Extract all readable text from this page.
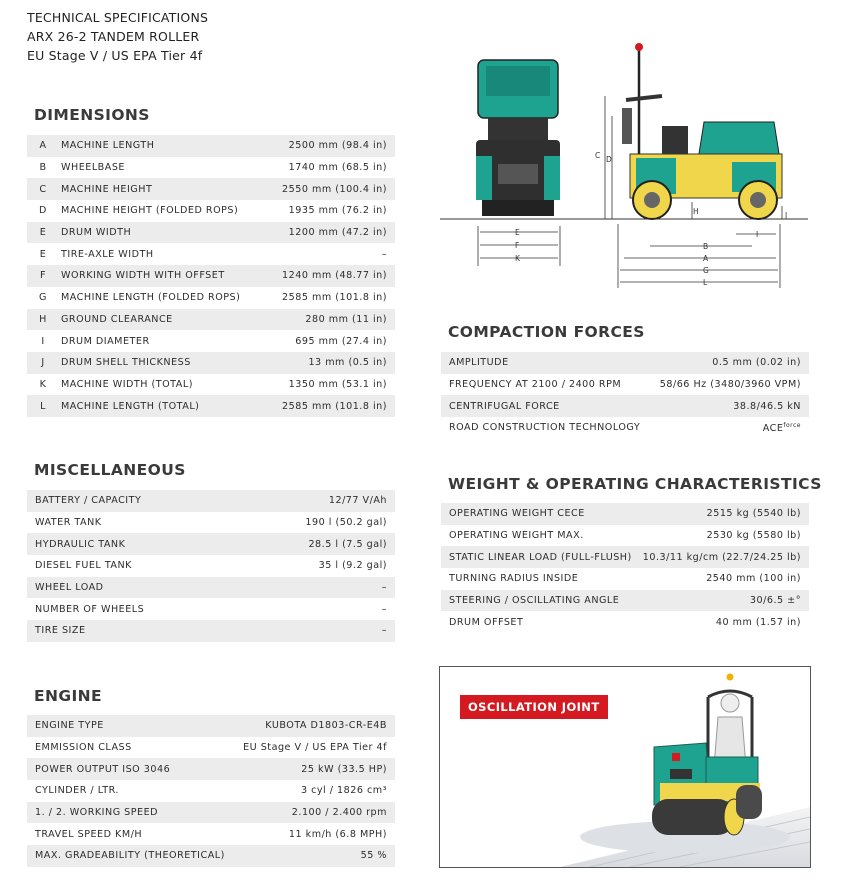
TECHNICAL SPECIFICATIONS
ARX 26-2 TANDEM ROLLER
EU Stage V / US EPA Tier 4f
DIMENSIONS
A	MACHINE LENGTH	2500 mm (98.4 in)
B	WHEELBASE	1740 mm (68.5 in)
C	MACHINE HEIGHT	2550 mm (100.4 in)
D	MACHINE HEIGHT (FOLDED ROPS)	1935 mm (76.2 in)
E	DRUM WIDTH	1200 mm (47.2 in)
E	TIRE-AXLE WIDTH	–
F	WORKING WIDTH WITH OFFSET	1240 mm (48.77 in)
G	MACHINE LENGTH (FOLDED ROPS)	2585 mm (101.8 in)
H	GROUND CLEARANCE	280 mm (11 in)
I	DRUM DIAMETER	695 mm (27.4 in)
J	DRUM SHELL THICKNESS	13 mm (0.5 in)
K	MACHINE WIDTH (TOTAL)	1350 mm (53.1 in)
L	MACHINE LENGTH (TOTAL)	2585 mm (101.8 in)
MISCELLANEOUS
BATTERY / CAPACITY	12/77 V/Ah
WATER TANK	190 l (50.2 gal)
HYDRAULIC TANK	28.5 l (7.5 gal)
DIESEL FUEL TANK	35 l (9.2 gal)
WHEEL LOAD	–
NUMBER OF WHEELS	–
TIRE SIZE	–
ENGINE
ENGINE TYPE	KUBOTA D1803-CR-E4B
EMMISSION CLASS	EU Stage V / US EPA Tier 4f
POWER OUTPUT ISO 3046	25 kW (33.5 HP)
CYLINDER / LTR.	3 cyl / 1826 cm³
1. / 2. WORKING SPEED	2.100 / 2.400 rpm
TRAVEL SPEED KM/H	11 km/h (6.8 MPH)
MAX. GRADEABILITY (THEORETICAL)	55 %
C D
H	J
E
F
K
B
I
A
G
L
COMPACTION FORCES
AMPLITUDE	0.5 mm (0.02 in)
FREQUENCY AT 2100 / 2400 RPM	58/66 Hz (3480/3960 VPM)
CENTRIFUGAL FORCE	38.8/46.5 kN
ROAD CONSTRUCTION TECHNOLOGY	$ACE^{force}$
WEIGHT & OPERATING CHARACTERISTICS
OPERATING WEIGHT CECE	2515 kg (5540 lb)
OPERATING WEIGHT MAX.	2530 kg (5580 lb)
STATIC LINEAR LOAD (FULL-FLUSH)	10.3/11 kg/cm (22.7/24.25 lb)
TURNING RADIUS INSIDE	2540 mm (100 in)
STEERING / OSCILLATING ANGLE	30/6.5 ±°
DRUM OFFSET	40 mm (1.57 in)
OSCILLATION JOINT
